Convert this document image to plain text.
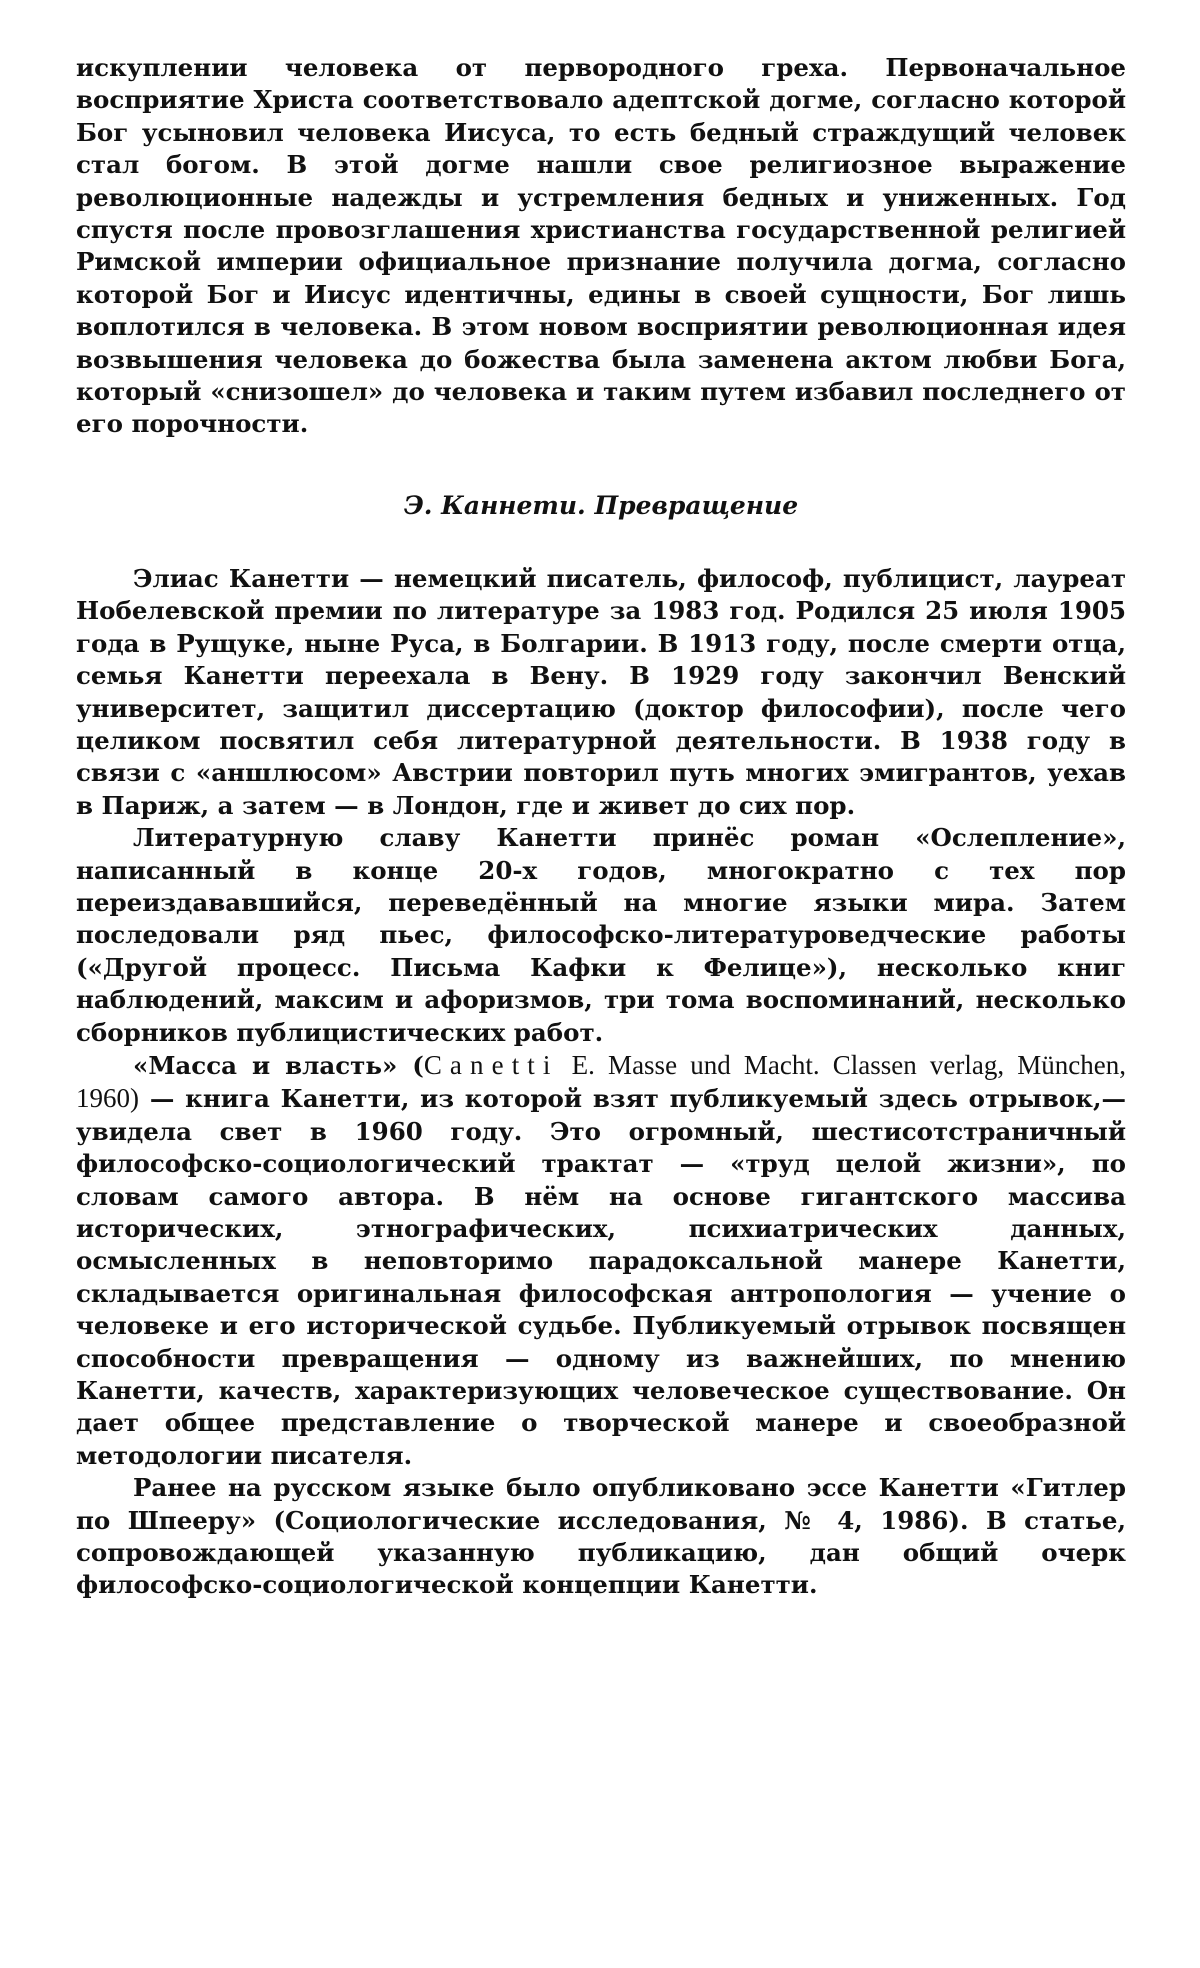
искуплении человека от первородного греха. Первоначальное восприятие Христа соответствовало адептской догме, согласно которой Бог усыновил человека Иисуса, то есть бедный страждущий человек стал богом. В этой догме нашли свое религиозное выражение революционные надежды и устремления бедных и униженных. Год спустя после провозглашения христианства государственной религией Римской империи официальное признание получила догма, согласно которой Бог и Иисус идентичны, едины в своей сущности, Бог лишь воплотился в человека. В этом новом восприятии революционная идея возвышения человека до божества была заменена актом любви Бога, который «снизошел» до человека и таким путем избавил последнего от его порочности.

Э. Каннети. Превращение

Элиас Канетти — немецкий писатель, философ, публицист, лауреат Нобелевской премии по литературе за 1983 год. Родился 25 июля 1905 года в Рущуке, ныне Руса, в Болгарии. В 1913 году, после смерти отца, семья Канетти переехала в Вену. В 1929 году закончил Венский университет, защитил диссертацию (доктор философии), после чего целиком посвятил себя литературной деятельности. В 1938 году в связи с «аншлюсом» Австрии повторил путь многих эмигрантов, уехав в Париж, а затем — в Лондон, где и живет до сих пор.

Литературную славу Канетти принёс роман «Ослепление», написанный в конце 20-х годов, многократно с тех пор переиздававшийся, переведённый на многие языки мира. Затем последовали ряд пьес, философско-литературоведческие работы («Другой процесс. Письма Кафки к Фелице»), несколько книг наблюдений, максим и афоризмов, три тома воспоминаний, несколько сборников публицистических работ.

«Масса и власть» (Canetti E. Masse und Macht. Classen verlag, München, 1960) — книга Канетти, из которой взят публикуемый здесь отрывок,— увидела свет в 1960 году. Это огромный, шестисотстраничный философско-социологический трактат — «труд целой жизни», по словам самого автора. В нём на основе гигантского массива исторических, этнографических, психиатрических данных, осмысленных в неповторимо парадоксальной манере Канетти, складывается оригинальная философская антропология — учение о человеке и его исторической судьбе. Публикуемый отрывок посвящен способности превращения — одному из важнейших, по мнению Канетти, качеств, характеризующих человеческое существование. Он дает общее представление о творческой манере и своеобразной методологии писателя.

Ранее на русском языке было опубликовано эссе Канетти «Гитлер по Шпееру» (Социологические исследования, № 4, 1986). В статье, сопровождающей указанную публикацию, дан общий очерк философско-социологической концепции Канетти.
